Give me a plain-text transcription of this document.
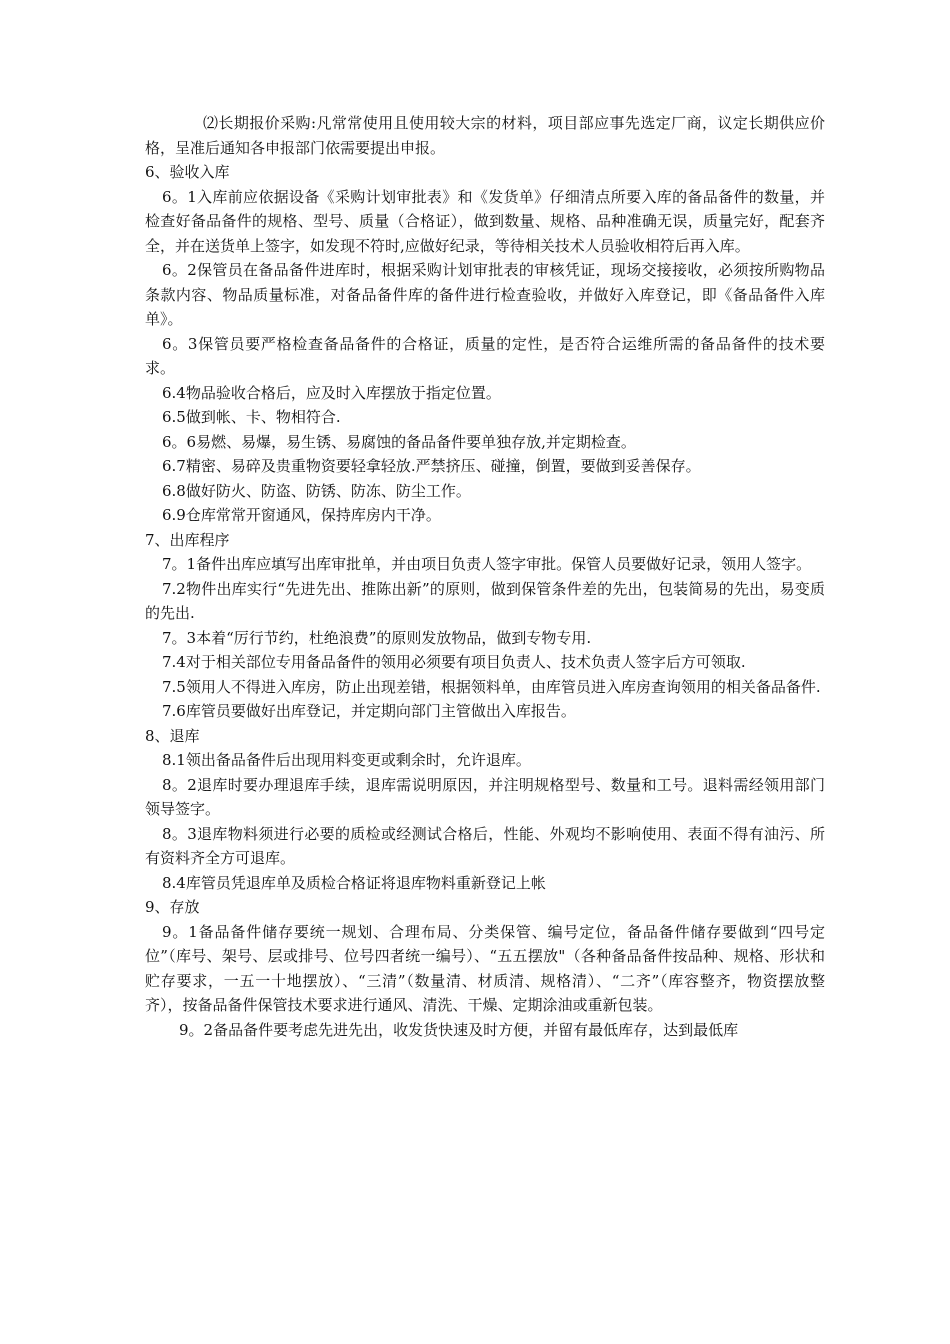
⑵长期报价采购:凡常常使用且使用较大宗的材料，项目部应事先选定厂商，议定长期供应价格，呈准后通知各申报部门依需要提出申报。

6、验收入库

6。1入库前应依据设备《采购计划审批表》和《发货单》仔细清点所要入库的备品备件的数量，并检查好备品备件的规格、型号、质量（合格证），做到数量、规格、品种准确无误，质量完好，配套齐全，并在送货单上签字，如发现不符时,应做好纪录，等待相关技术人员验收相符后再入库。

6。2保管员在备品备件进库时，根据采购计划审批表的审核凭证，现场交接接收，必须按所购物品条款内容、物品质量标准，对备品备件库的备件进行检查验收，并做好入库登记，即《备品备件入库单》。

6。3保管员要严格检查备品备件的合格证，质量的定性，是否符合运维所需的备品备件的技术要求。

6.4物品验收合格后，应及时入库摆放于指定位置。

6.5做到帐、卡、物相符合.

6。6易燃、易爆，易生锈、易腐蚀的备品备件要单独存放,并定期检查。

6.7精密、易碎及贵重物资要轻拿轻放.严禁挤压、碰撞，倒置，要做到妥善保存。

6.8做好防火、防盗、防锈、防冻、防尘工作。

6.9仓库常常开窗通风，保持库房内干净。

7、出库程序

7。1备件出库应填写出库审批单，并由项目负责人签字审批。保管人员要做好记录，领用人签字。

7.2物件出库实行“先进先出、推陈出新”的原则，做到保管条件差的先出，包装简易的先出，易变质的先出.

7。3本着“厉行节约，杜绝浪费”的原则发放物品，做到专物专用.

7.4对于相关部位专用备品备件的领用必须要有项目负责人、技术负责人签字后方可领取.

7.5领用人不得进入库房，防止出现差错，根据领料单，由库管员进入库房查询领用的相关备品备件.

7.6库管员要做好出库登记，并定期向部门主管做出入库报告。

8、退库

8.1领出备品备件后出现用料变更或剩余时，允许退库。

8。2退库时要办理退库手续，退库需说明原因，并注明规格型号、数量和工号。退料需经领用部门领导签字。

8。3退库物料须进行必要的质检或经测试合格后，性能、外观均不影响使用、表面不得有油污、所有资料齐全方可退库。

8.4库管员凭退库单及质检合格证将退库物料重新登记上帐

9、存放

9。1备品备件储存要统一规划、合理布局、分类保管、编号定位，备品备件储存要做到“四号定位”（库号、架号、层或排号、位号四者统一编号）、“五五摆放"（各种备品备件按品种、规格、形状和贮存要求，一五一十地摆放）、“三清”（数量清、材质清、规格清）、“二齐”（库容整齐，物资摆放整齐），按备品备件保管技术要求进行通风、清洗、干燥、定期涂油或重新包装。

9。2备品备件要考虑先进先出，收发货快速及时方便，并留有最低库存，达到最低库
